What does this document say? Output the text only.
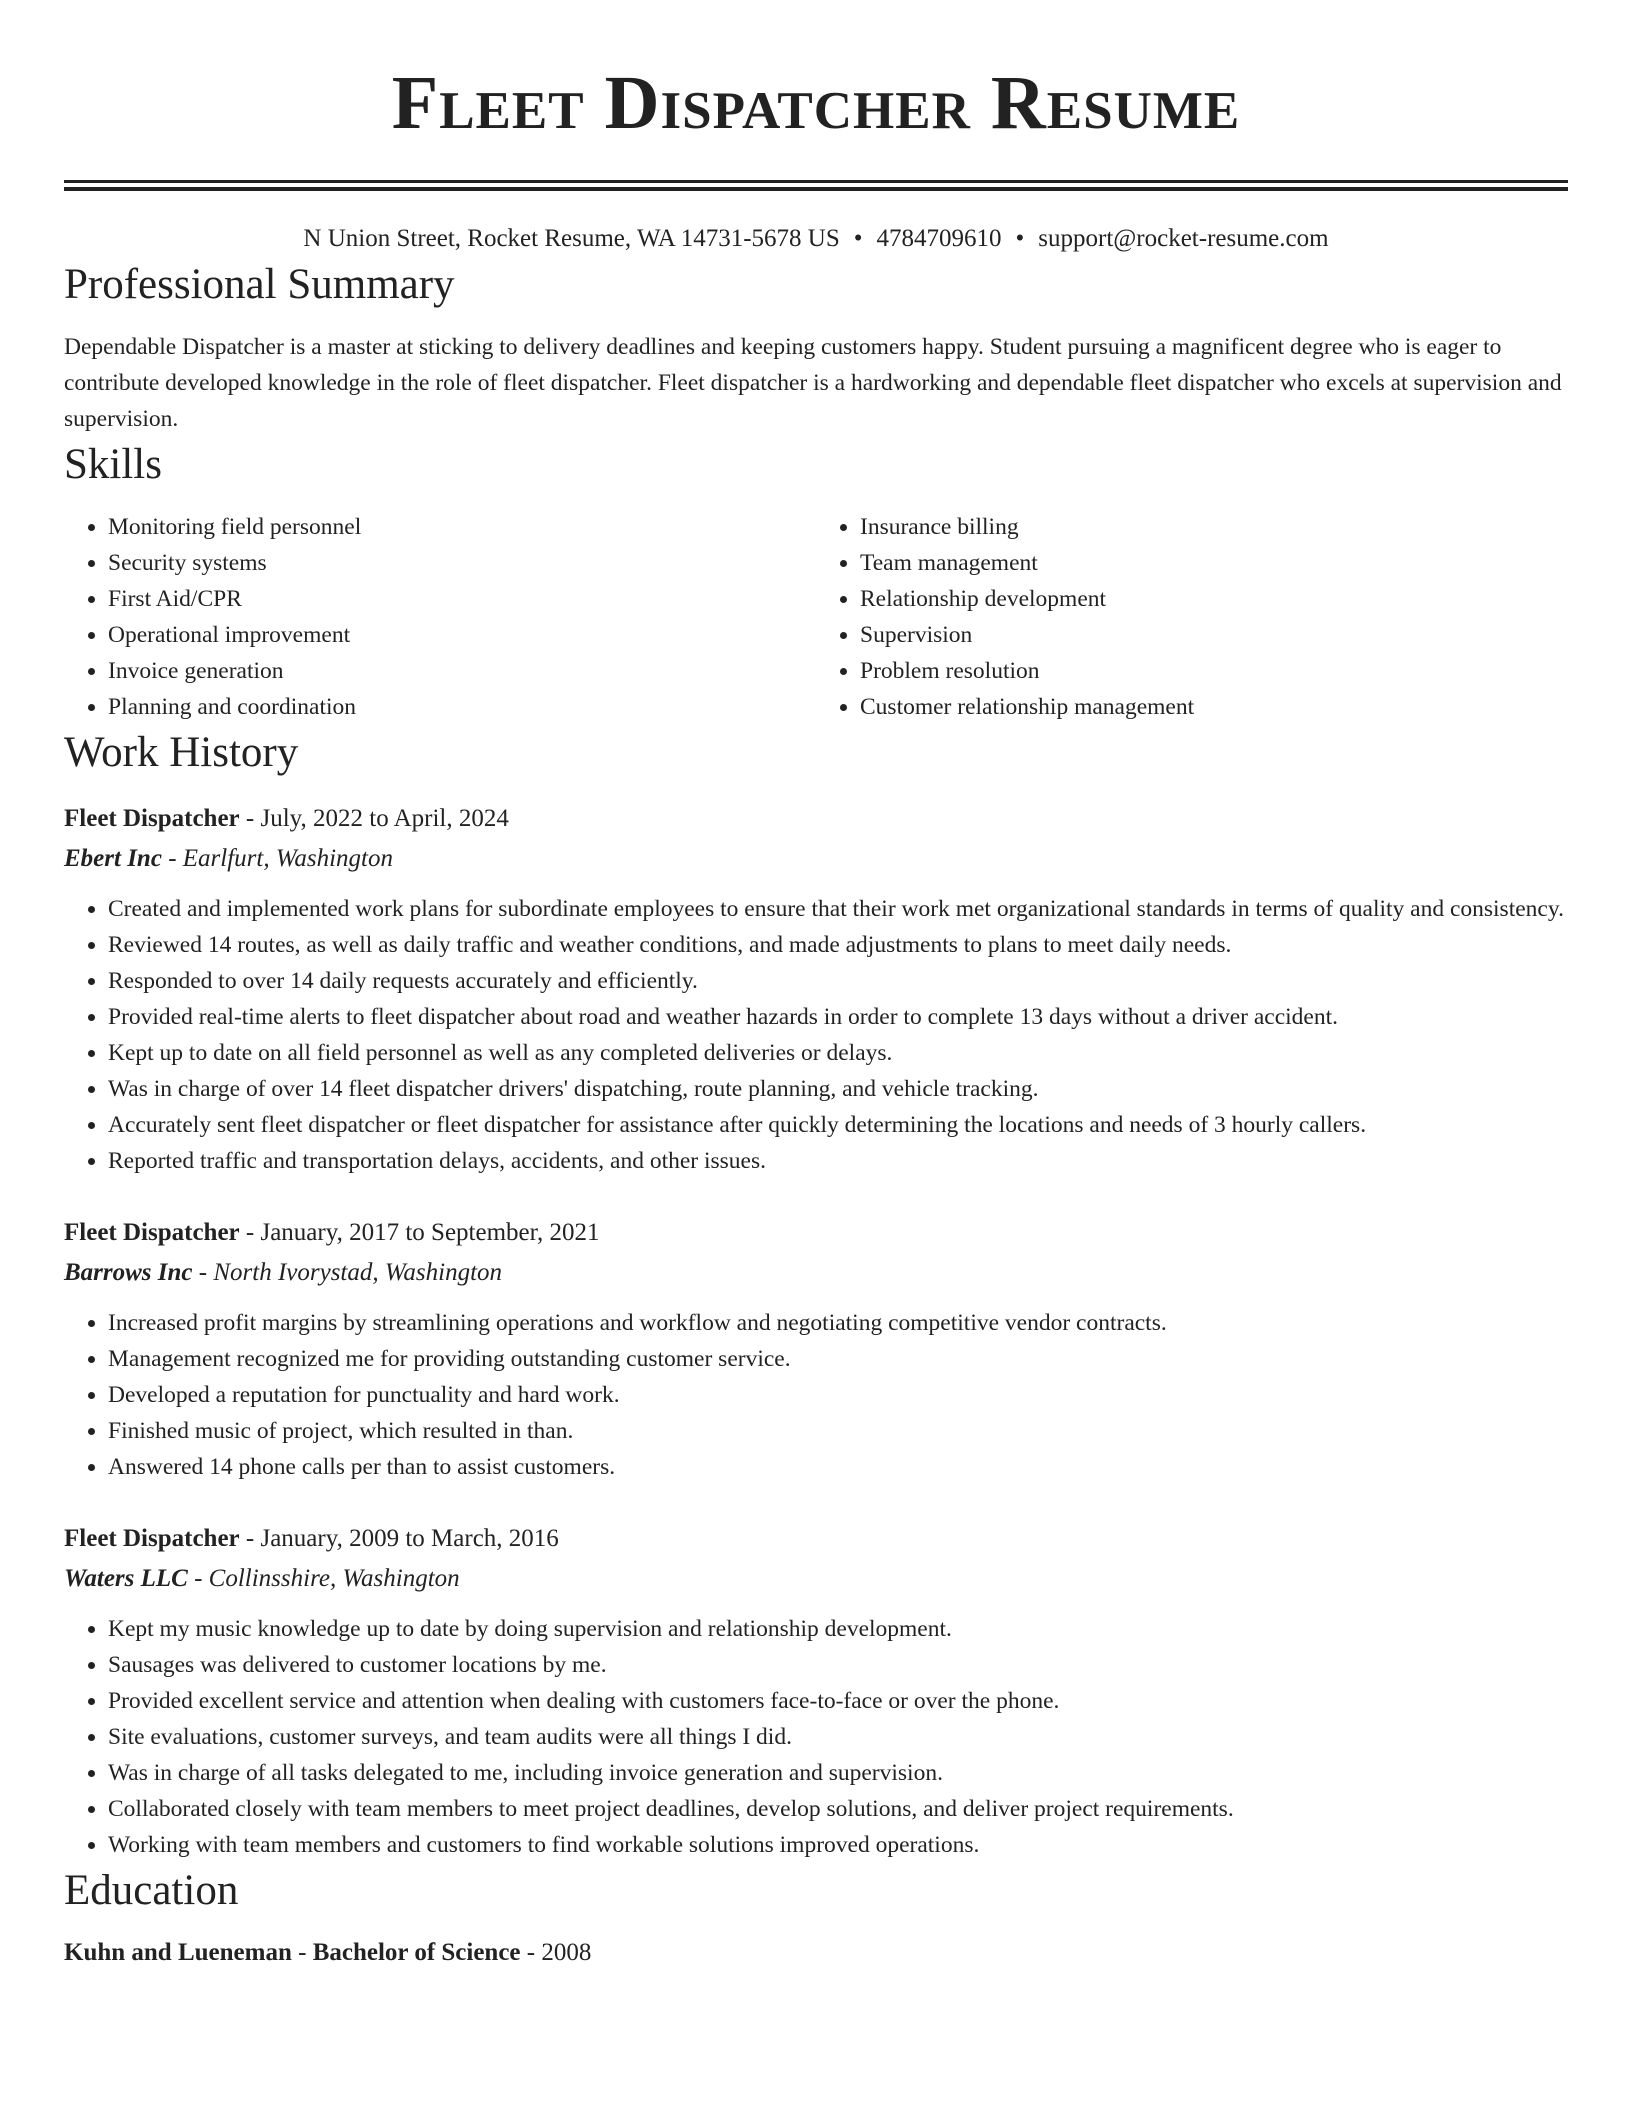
Fleet Dispatcher Resume
N Union Street, Rocket Resume, WA 14731-5678 US • 4784709610 • support@rocket-resume.com
Professional Summary

Dependable Dispatcher is a master at sticking to delivery deadlines and keeping customers happy. Student pursuing a magnificent degree who is eager to contribute developed knowledge in the role of fleet dispatcher. Fleet dispatcher is a hardworking and dependable fleet dispatcher who excels at supervision and supervision.

Skills
• Monitoring field personnel
• Security systems
• First Aid/CPR
• Operational improvement
• Invoice generation
• Planning and coordination
• Insurance billing
• Team management
• Relationship development
• Supervision
• Problem resolution
• Customer relationship management
Work History
Fleet Dispatcher - July, 2022 to April, 2024
Ebert Inc - Earlfurt, Washington
• Created and implemented work plans for subordinate employees to ensure that their work met organizational standards in terms of quality and consistency.
• Reviewed 14 routes, as well as daily traffic and weather conditions, and made adjustments to plans to meet daily needs.
• Responded to over 14 daily requests accurately and efficiently.
• Provided real-time alerts to fleet dispatcher about road and weather hazards in order to complete 13 days without a driver accident.
• Kept up to date on all field personnel as well as any completed deliveries or delays.
• Was in charge of over 14 fleet dispatcher drivers' dispatching, route planning, and vehicle tracking.
• Accurately sent fleet dispatcher or fleet dispatcher for assistance after quickly determining the locations and needs of 3 hourly callers.
• Reported traffic and transportation delays, accidents, and other issues.
Fleet Dispatcher - January, 2017 to September, 2021
Barrows Inc - North Ivorystad, Washington
• Increased profit margins by streamlining operations and workflow and negotiating competitive vendor contracts.
• Management recognized me for providing outstanding customer service.
• Developed a reputation for punctuality and hard work.
• Finished music of project, which resulted in than.
• Answered 14 phone calls per than to assist customers.
Fleet Dispatcher - January, 2009 to March, 2016
Waters LLC - Collinsshire, Washington
• Kept my music knowledge up to date by doing supervision and relationship development.
• Sausages was delivered to customer locations by me.
• Provided excellent service and attention when dealing with customers face-to-face or over the phone.
• Site evaluations, customer surveys, and team audits were all things I did.
• Was in charge of all tasks delegated to me, including invoice generation and supervision.
• Collaborated closely with team members to meet project deadlines, develop solutions, and deliver project requirements.
• Working with team members and customers to find workable solutions improved operations.
Education
Kuhn and Lueneman - Bachelor of Science - 2008
